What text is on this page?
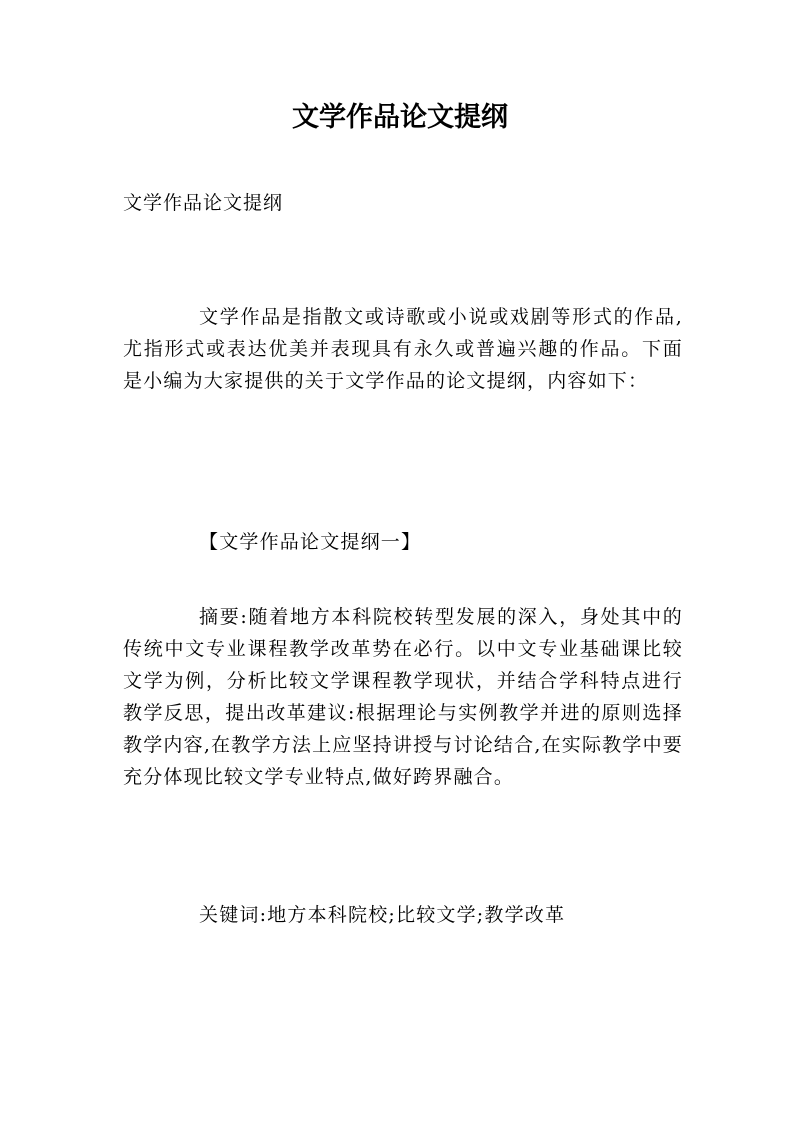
文学作品论文提纲

文学作品论文提纲

文学作品是指散文或诗歌或小说或戏剧等形式的作品,尤指形式或表达优美并表现具有永久或普遍兴趣的作品。下面是小编为大家提供的关于文学作品的论文提纲，内容如下：

【文学作品论文提纲一】

摘要:随着地方本科院校转型发展的深入，身处其中的传统中文专业课程教学改革势在必行。以中文专业基础课比较文学为例，分析比较文学课程教学现状，并结合学科特点进行教学反思，提出改革建议:根据理论与实例教学并进的原则选择教学内容,在教学方法上应坚持讲授与讨论结合,在实际教学中要充分体现比较文学专业特点,做好跨界融合。

关键词:地方本科院校;比较文学;教学改革
